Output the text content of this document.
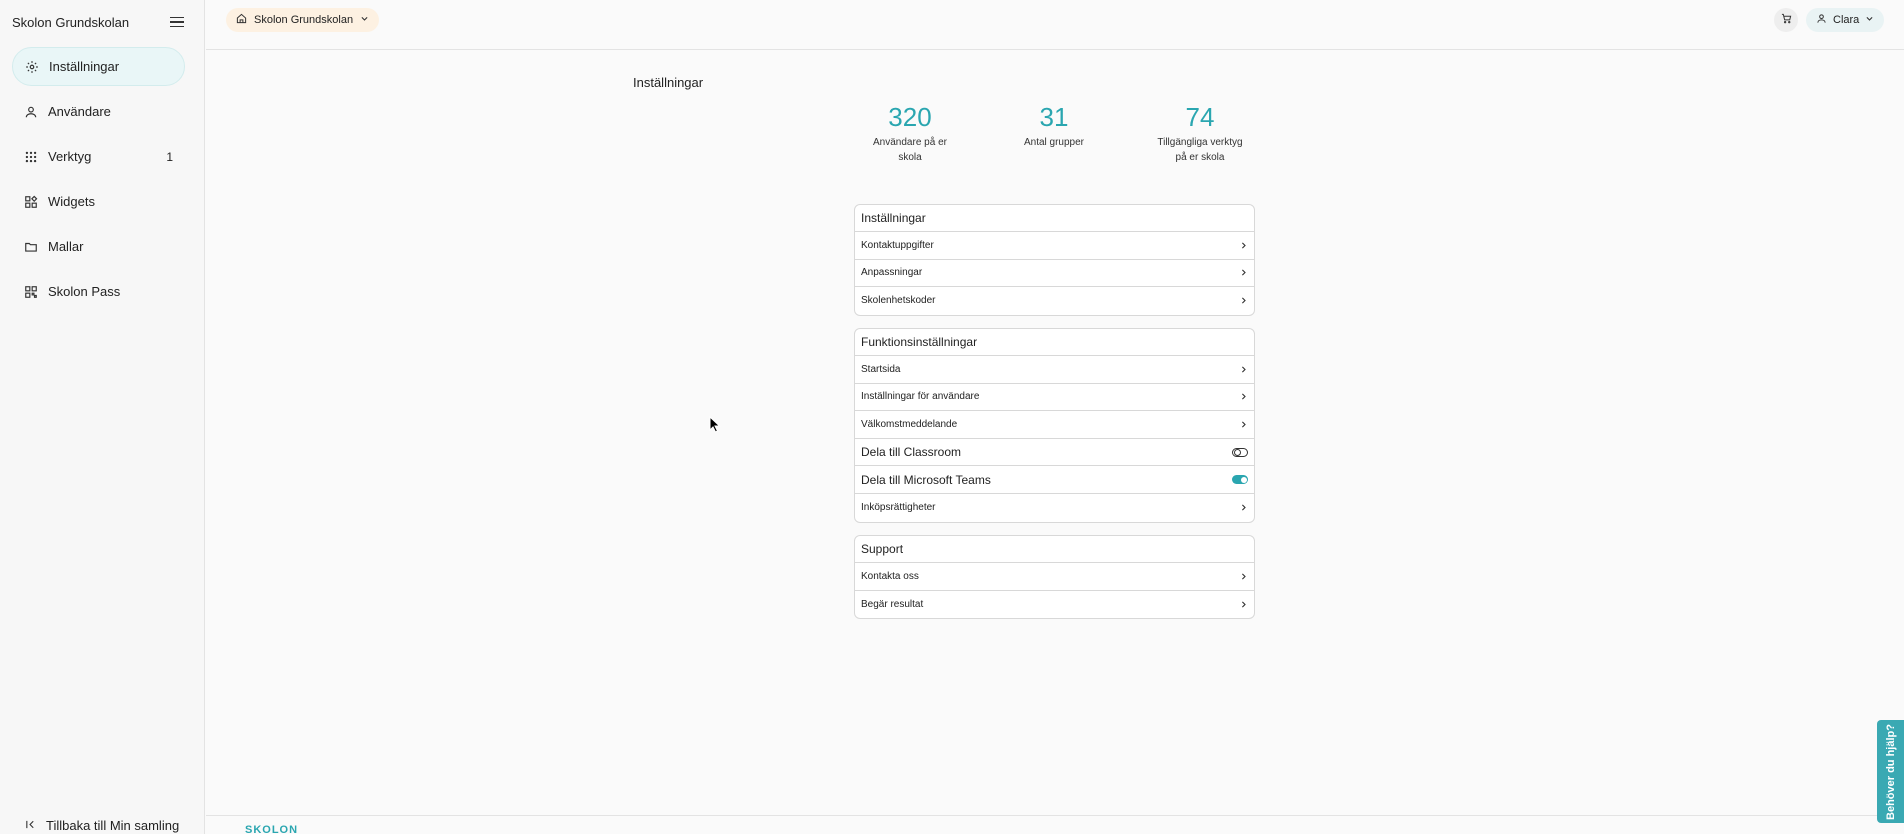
Skolon Grundskolan
Inställningar
Användare
Verktyg	1
Widgets
Mallar
Skolon Pass
Tillbaka till Min samling
Skolon Grundskolan	Clara
Inställningar
320
Användare på er
skola
31
Antal grupper
74
Tillgängliga verktyg
på er skola
Inställningar
Kontaktuppgifter
Anpassningar
Skolenhetskoder
Funktionsinställningar
Startsida
Inställningar för användare
Välkomstmeddelande
Dela till Classroom
Dela till Microsoft Teams
Inköpsrättigheter
Support
Kontakta oss
Begär resultat
SKOLON
Behöver du hjälp?
